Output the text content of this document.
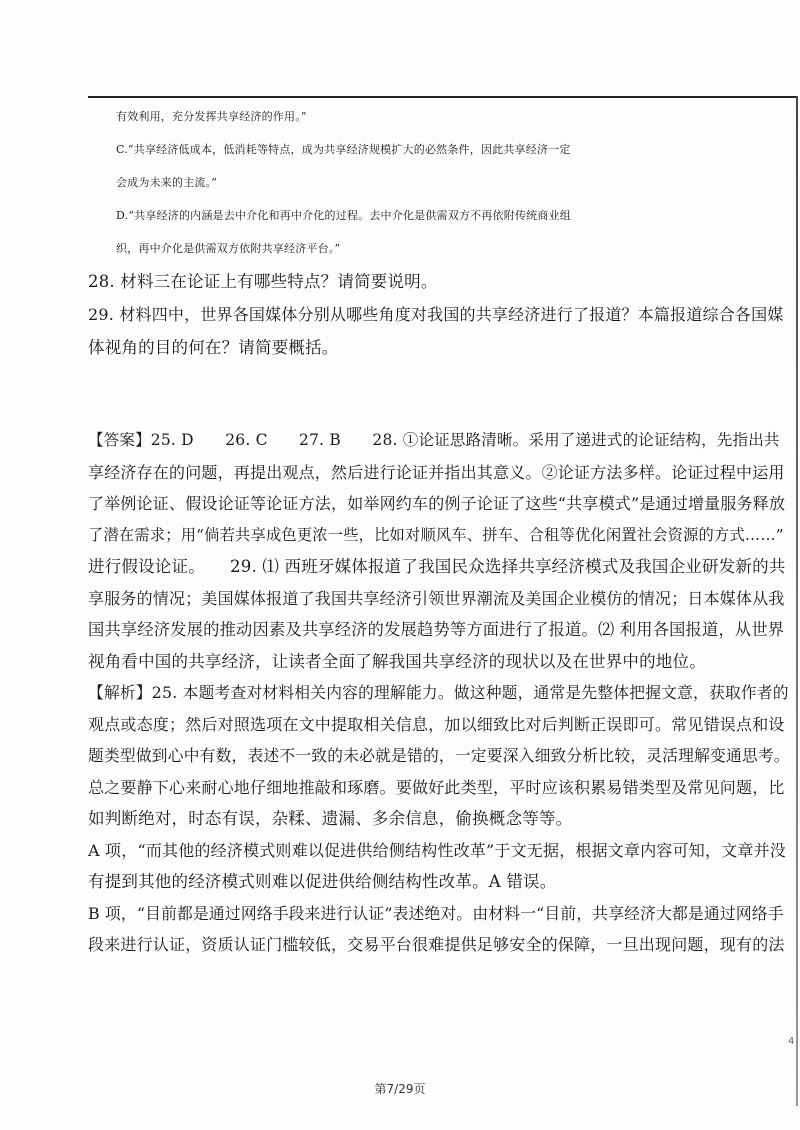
有效利用，充分发挥共享经济的作用。”
C.“共享经济低成本，低消耗等特点，成为共享经济规模扩大的必然条件，因此共享经济一定
会成为未来的主流。”
D.“共享经济的内涵是去中介化和再中介化的过程。去中介化是供需双方不再依附传统商业组
织，再中介化是供需双方依附共享经济平台。”
28. 材料三在论证上有哪些特点？请简要说明。
29. 材料四中，世界各国媒体分别从哪些角度对我国的共享经济进行了报道？本篇报道综合各国媒
体视角的目的何在？请简要概括。
【答案】25. D　　26. C　　27. B　　28. ①论证思路清晰。采用了递进式的论证结构，先指出共
享经济存在的问题，再提出观点，然后进行论证并指出其意义。②论证方法多样。论证过程中运用
了举例论证、假设论证等论证方法，如举网约车的例子论证了这些“共享模式”是通过增量服务释放
了潜在需求；用“倘若共享成色更浓一些，比如对顺风车、拼车、合租等优化闲置社会资源的方式……”
进行假设论证。　　29. ⑴ 西班牙媒体报道了我国民众选择共享经济模式及我国企业研发新的共
享服务的情况；美国媒体报道了我国共享经济引领世界潮流及美国企业模仿的情况；日本媒体从我
国共享经济发展的推动因素及共享经济的发展趋势等方面进行了报道。⑵ 利用各国报道，从世界
视角看中国的共享经济，让读者全面了解我国共享经济的现状以及在世界中的地位。
【解析】25. 本题考查对材料相关内容的理解能力。做这种题，通常是先整体把握文意，获取作者的
观点或态度；然后对照选项在文中提取相关信息，加以细致比对后判断正误即可。常见错误点和设
题类型做到心中有数，表述不一致的未必就是错的，一定要深入细致分析比较，灵活理解变通思考。
总之要静下心来耐心地仔细地推敲和琢磨。要做好此类型，平时应该积累易错类型及常见问题，比
如判断绝对，时态有误，杂糅、遗漏、多余信息，偷换概念等等。
A 项，“而其他的经济模式则难以促进供给侧结构性改革”于文无据，根据文章内容可知，文章并没
有提到其他的经济模式则难以促进供给侧结构性改革。A 错误。
B 项，“目前都是通过网络手段来进行认证”表述绝对。由材料一“目前，共享经济大都是通过网络手
段来进行认证，资质认证门槛较低，交易平台很难提供足够安全的保障，一旦出现问题，现有的法
4
第7/29页
